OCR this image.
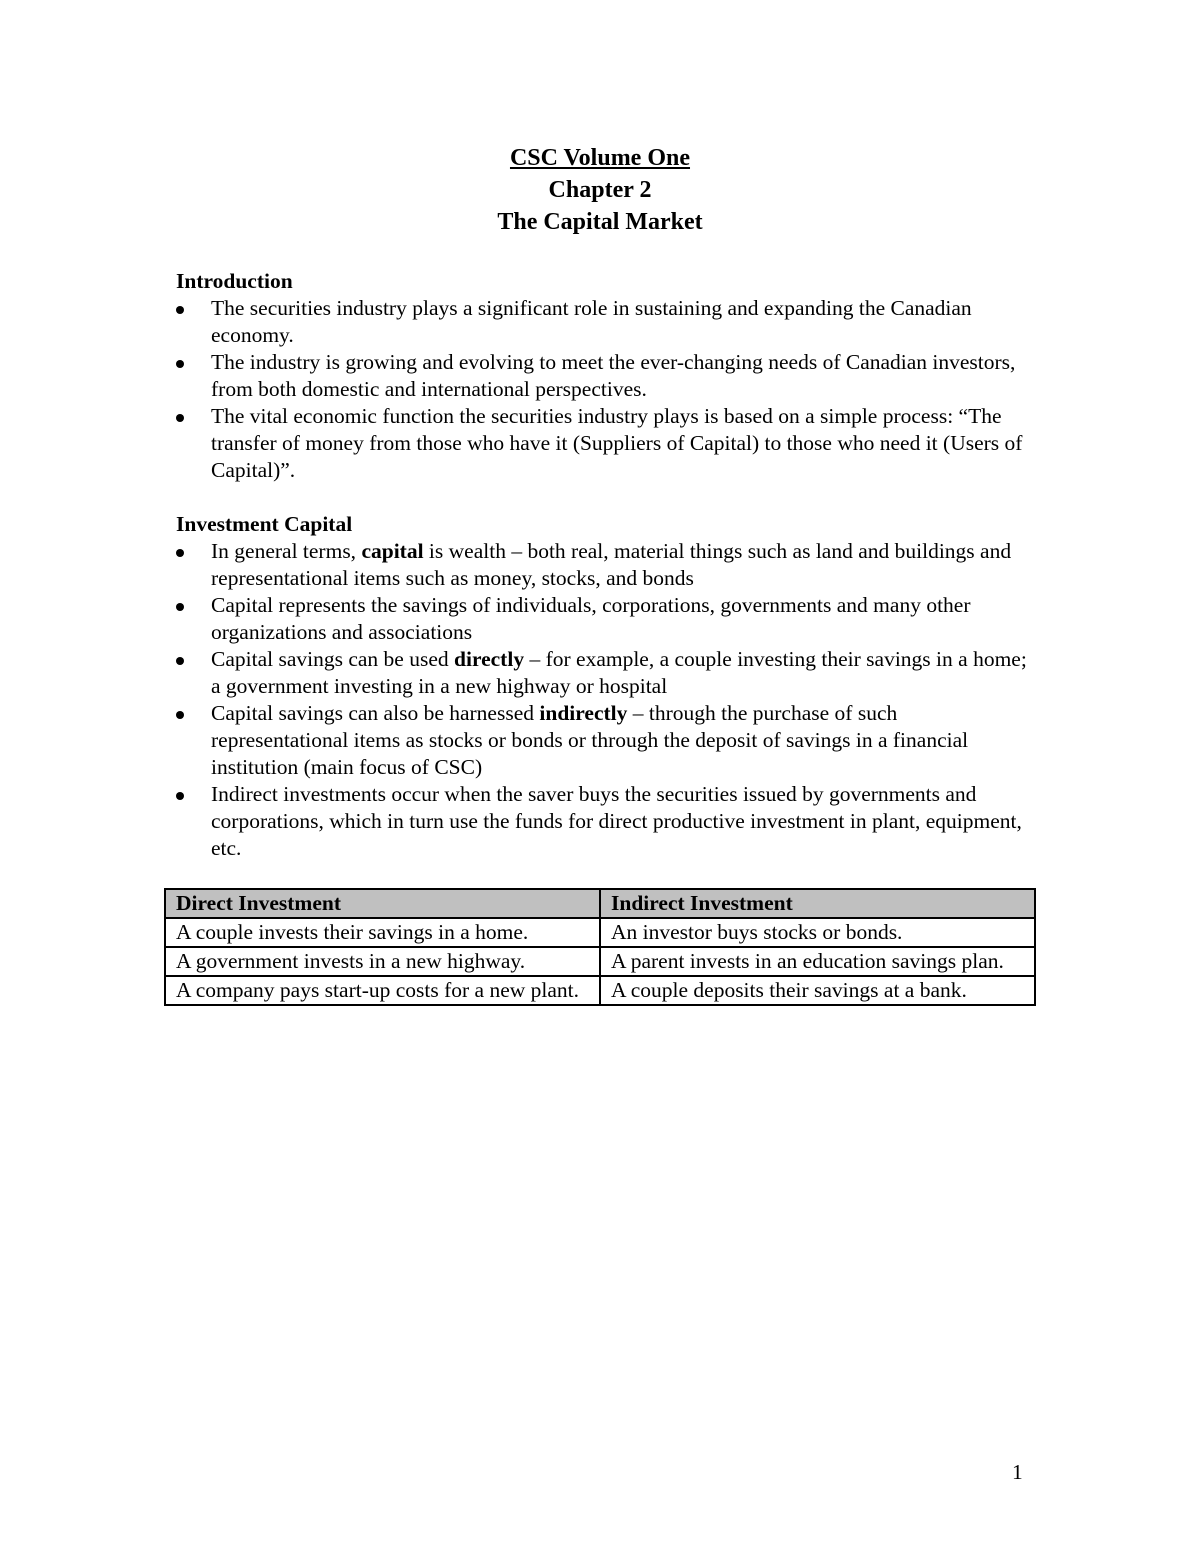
CSC Volume One
Chapter 2
The Capital Market

Introduction

The securities industry plays a significant role in sustaining and expanding the Canadian economy.
The industry is growing and evolving to meet the ever-changing needs of Canadian investors, from both domestic and international perspectives.
The vital economic function the securities industry plays is based on a simple process: “The transfer of money from those who have it (Suppliers of Capital) to those who need it (Users of Capital)”.

Investment Capital

In general terms, capital is wealth – both real, material things such as land and buildings and representational items such as money, stocks, and bonds
Capital represents the savings of individuals, corporations, governments and many other organizations and associations
Capital savings can be used directly – for example, a couple investing their savings in a home; a government investing in a new highway or hospital
Capital savings can also be harnessed indirectly – through the purchase of such representational items as stocks or bonds or through the deposit of savings in a financial institution (main focus of CSC)
Indirect investments occur when the saver buys the securities issued by governments and corporations, which in turn use the funds for direct productive investment in plant, equipment, etc.
Direct Investment	Indirect Investment
A couple invests their savings in a home.	An investor buys stocks or bonds.
A government invests in a new highway.	A parent invests in an education savings plan.
A company pays start-up costs for a new plant.	A couple deposits their savings at a bank.
1
